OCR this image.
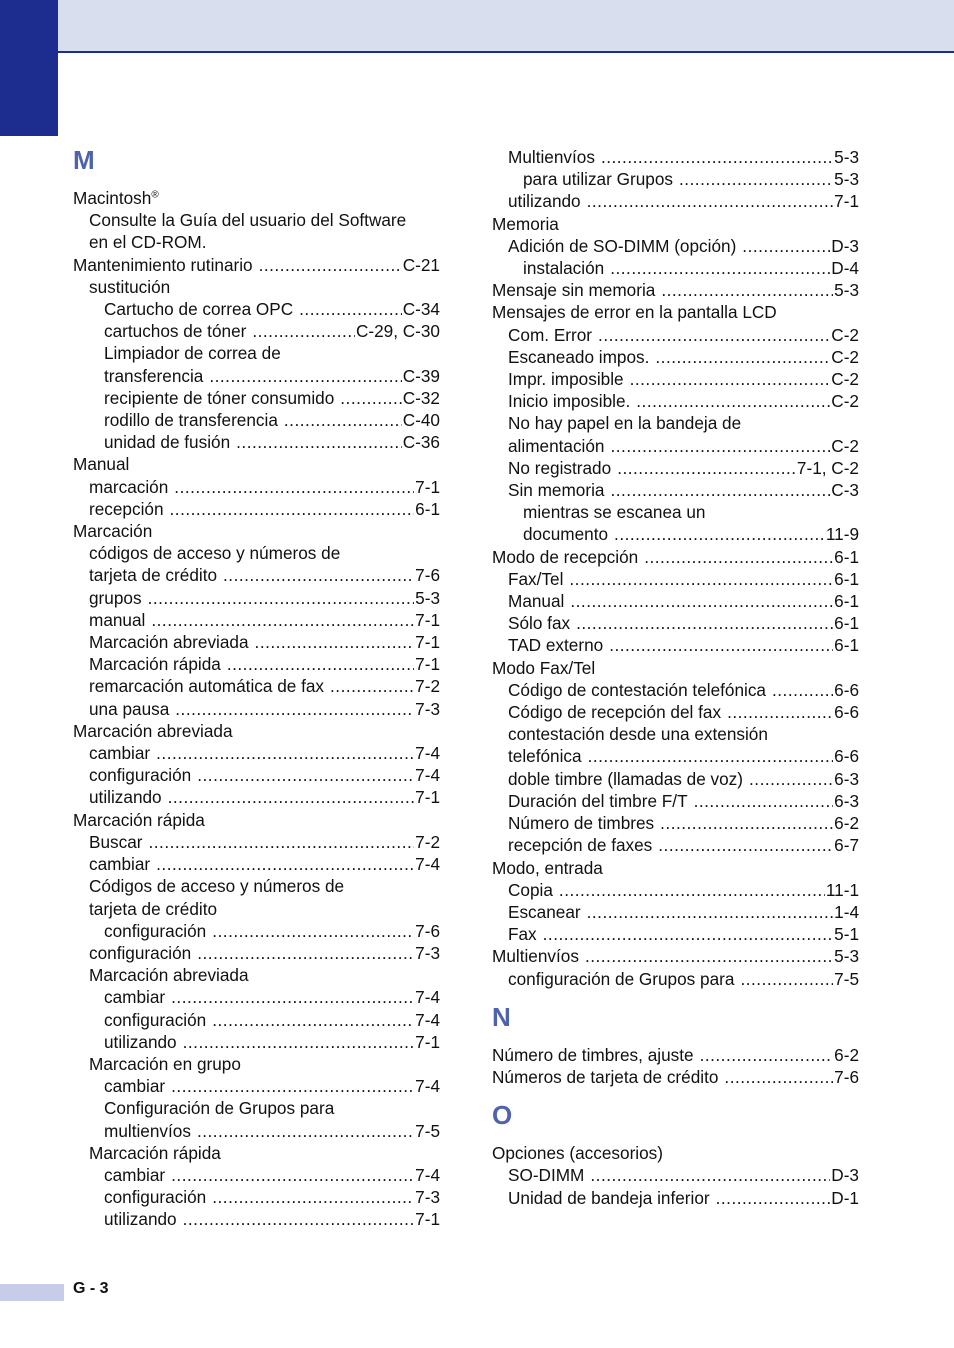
M
Macintosh®
Consulte la Guía del usuario del Software
en el CD-ROM.
Mantenimiento rutinario .....	C-21
sustitución
Cartucho de correa OPC .....	C-34
cartuchos de tóner .....	C-29, C-30
Limpiador de correa de
transferencia .....	C-39
recipiente de tóner consumido .....	C-32
rodillo de transferencia .....	C-40
unidad de fusión .....	C-36
Manual
marcación .....	7-1
recepción .....	6-1
Marcación
códigos de acceso y números de
tarjeta de crédito .....	7-6
grupos .....	5-3
manual .....	7-1
Marcación abreviada .....	7-1
Marcación rápida .....	7-1
remarcación automática de fax .....	7-2
una pausa .....	7-3
Marcación abreviada
cambiar .....	7-4
configuración .....	7-4
utilizando .....	7-1
Marcación rápida
Buscar .....	7-2
cambiar .....	7-4
Códigos de acceso y números de
tarjeta de crédito
configuración .....	7-6
configuración .....	7-3
Marcación abreviada
cambiar .....	7-4
configuración .....	7-4
utilizando .....	7-1
Marcación en grupo
cambiar .....	7-4
Configuración de Grupos para
multienvíos .....	7-5
Marcación rápida
cambiar .....	7-4
configuración .....	7-3
utilizando .....	7-1
Multienvíos .....	5-3
para utilizar Grupos .....	5-3
utilizando .....	7-1
Memoria
Adición de SO-DIMM (opción) .....	D-3
instalación .....	D-4
Mensaje sin memoria .....	5-3
Mensajes de error en la pantalla LCD
Com. Error .....	C-2
Escaneado impos. .....	C-2
Impr. imposible .....	C-2
Inicio imposible. .....	C-2
No hay papel en la bandeja de
alimentación .....	C-2
No registrado .....	7-1, C-2
Sin memoria .....	C-3
mientras se escanea un
documento .....	11-9
Modo de recepción .....	6-1
Fax/Tel .....	6-1
Manual .....	6-1
Sólo fax .....	6-1
TAD externo .....	6-1
Modo Fax/Tel
Código de contestación telefónica .....	6-6
Código de recepción del fax .....	6-6
contestación desde una extensión
telefónica .....	6-6
doble timbre (llamadas de voz) .....	6-3
Duración del timbre F/T .....	6-3
Número de timbres .....	6-2
recepción de faxes .....	6-7
Modo, entrada
Copia .....	11-1
Escanear .....	1-4
Fax .....	5-1
Multienvíos .....	5-3
configuración de Grupos para .....	7-5
N
Número de timbres, ajuste .....	6-2
Números de tarjeta de crédito .....	7-6
O
Opciones (accesorios)
SO-DIMM .....	D-3
Unidad de bandeja inferior .....	D-1
G - 3
